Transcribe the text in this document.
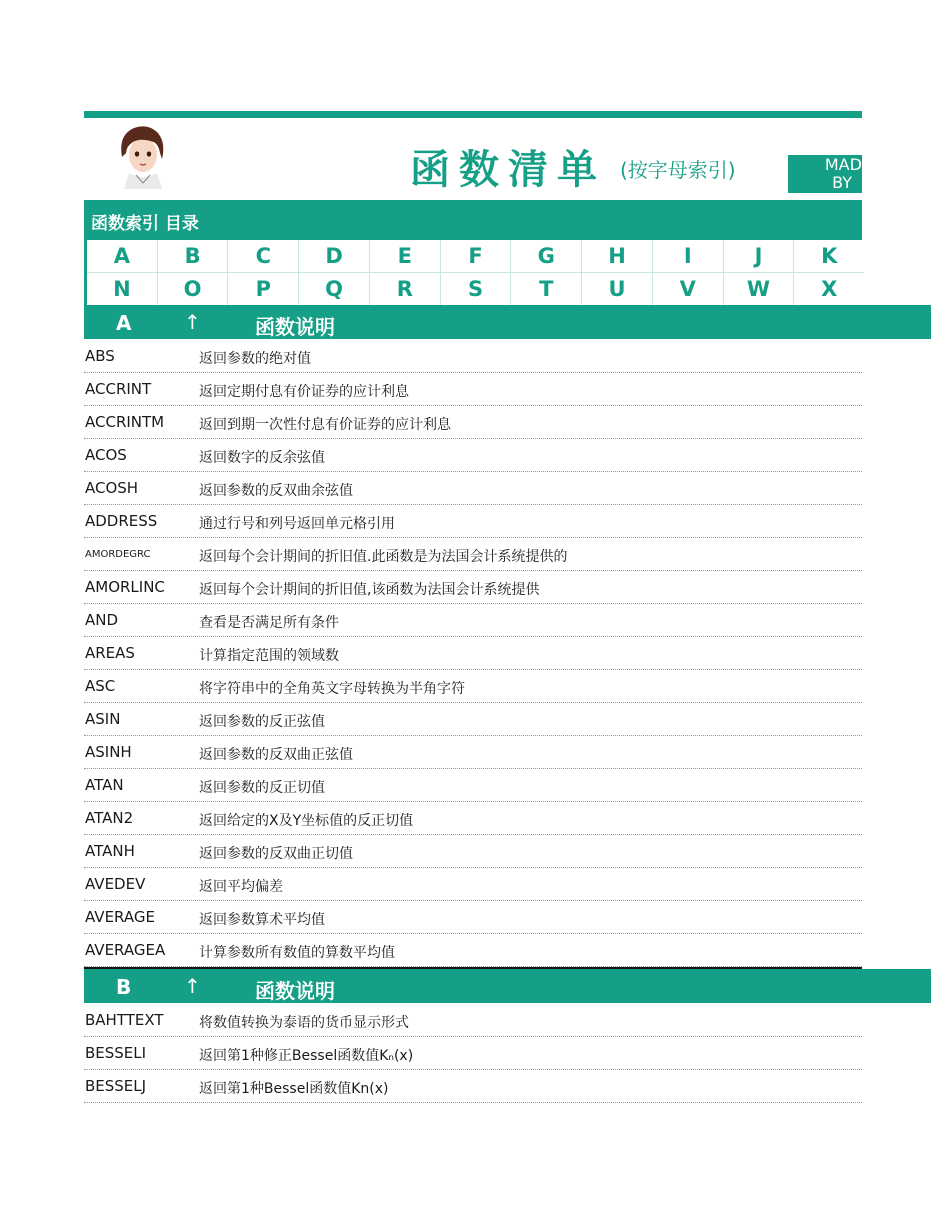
函数清单 (按字母索引)	MADE
BY
函数索引 目录
A	B	C	D	E	F	G	H	I	J	K
N	O	P	Q	R	S	T	U	V	W	X
A	↑	函数说明
ABS	返回参数的绝对值
ACCRINT	返回定期付息有价证券的应计利息
ACCRINTM 返回到期一次性付息有价证券的应计利息
ACOS	返回数字的反余弦值
ACOSH	返回参数的反双曲余弦值
ADDRESS	通过行号和列号返回单元格引用
AMORDEGRC	返回每个会计期间的折旧值.此函数是为法国会计系统提供的
AMORLINC 返回每个会计期间的折旧值,该函数为法国会计系统提供
AND	查看是否满足所有条件
AREAS	计算指定范围的领域数
ASC	将字符串中的全角英文字母转换为半角字符
ASIN	返回参数的反正弦值
ASINH	返回参数的反双曲正弦值
ATAN	返回参数的反正切值
ATAN2	返回给定的X及Y坐标值的反正切值
ATANH	返回参数的反双曲正切值
AVEDEV	返回平均偏差
AVERAGE	返回参数算术平均值
AVERAGEA 计算参数所有数值的算数平均值
B	↑	函数说明
BAHTTEXT	将数值转换为泰语的货币显示形式
BESSELI	返回第1种修正Bessel函数值Kₙ(x)
BESSELJ	返回第1种Bessel函数值Kn(x)
